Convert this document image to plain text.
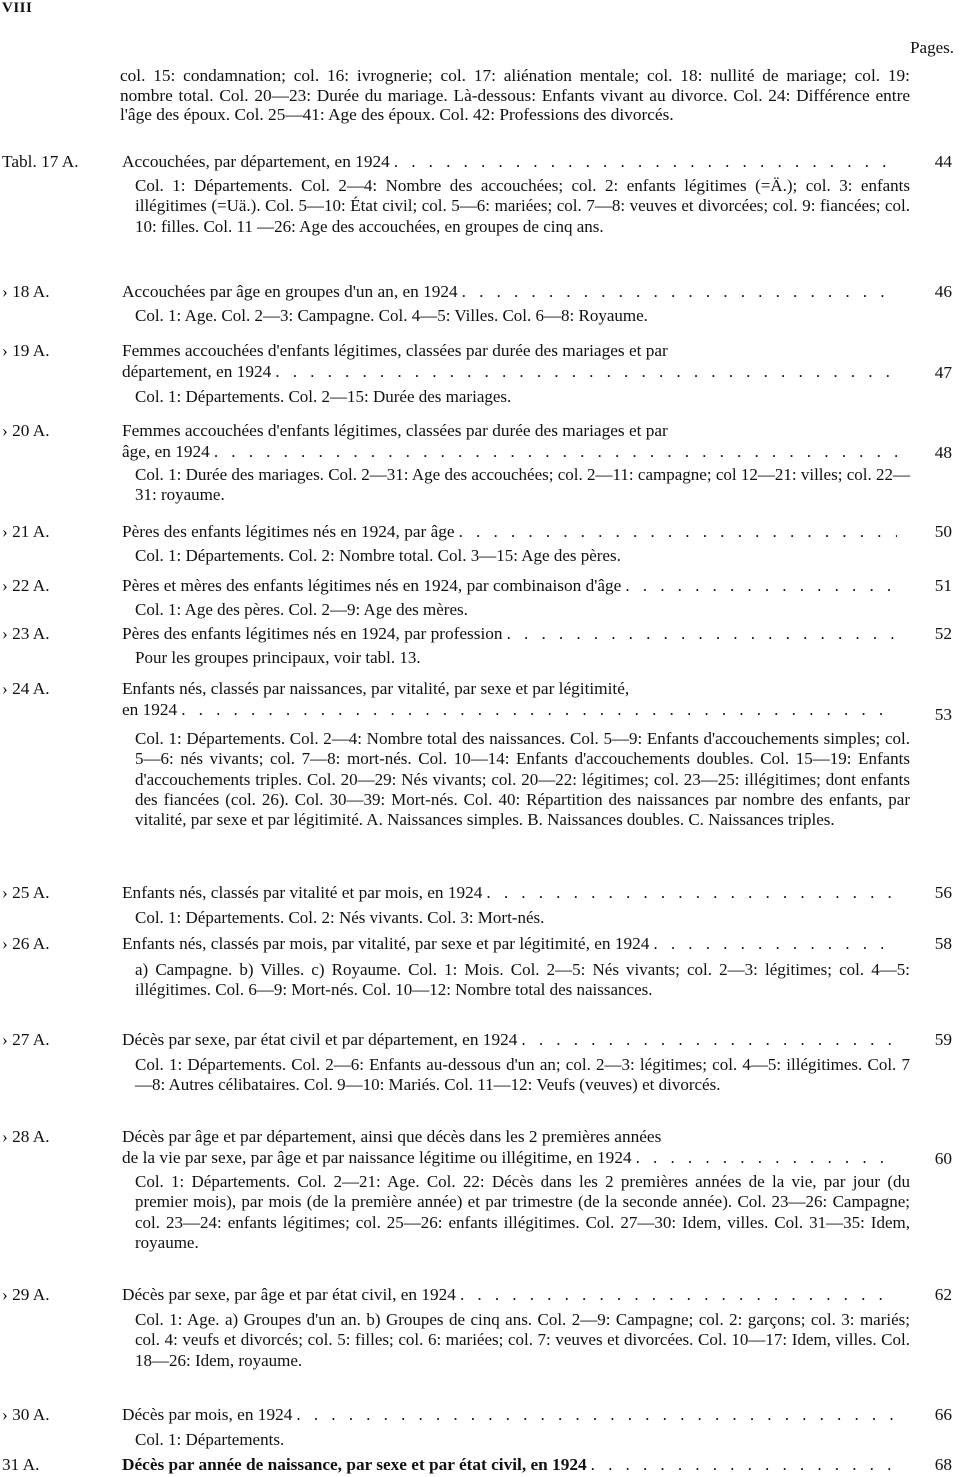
VIII
Pages.
col. 15: condamnation; col. 16: ivrognerie; col. 17: aliénation mentale; col. 18: nullité de mariage; col. 19: nombre total. Col. 20—23: Durée du mariage. Là-dessous: Enfants vivant au divorce. Col. 24: Différence entre l'âge des époux. Col. 25—41: Age des époux. Col. 42: Professions des divorcés.
Tabl. 17 A.	Accouchées, par département, en 1924 . . .	44
Col. 1: Départements. Col. 2—4: Nombre des accouchées; col. 2: enfants légitimes (=Ä.); col. 3: enfants illégitimes (=Uä.). Col. 5—10: État civil; col. 5—6: mariées; col. 7—8: veuves et divorcées; col. 9: fiancées; col. 10: filles. Col. 11 —26: Age des accouchées, en groupes de cinq ans.
› 18 A.	Accouchées par âge en groupes d'un an, en 1924 . . .	46
Col. 1: Age. Col. 2—3: Campagne. Col. 4—5: Villes. Col. 6—8: Royaume.
› 19 A.	Femmes accouchées d'enfants légitimes, classées par durée des mariages et par
département, en 1924 . . .	47
Col. 1: Départements. Col. 2—15: Durée des mariages.
› 20 A.	Femmes accouchées d'enfants légitimes, classées par durée des mariages et par
âge, en 1924 . . .	48
Col. 1: Durée des mariages. Col. 2—31: Age des accouchées; col. 2—11: campagne; col 12—21: villes; col. 22—31: royaume.
› 21 A.	Pères des enfants légitimes nés en 1924, par âge . . .	50
Col. 1: Départements. Col. 2: Nombre total. Col. 3—15: Age des pères.
› 22 A.	Pères et mères des enfants légitimes nés en 1924, par combinaison d'âge . . .	51
Col. 1: Age des pères. Col. 2—9: Age des mères.
› 23 A.	Pères des enfants légitimes nés en 1924, par profession . . .	52
Pour les groupes principaux, voir tabl. 13.
› 24 A.	Enfants nés, classés par naissances, par vitalité, par sexe et par légitimité,
en 1924 . . .	53
Col. 1: Départements. Col. 2—4: Nombre total des naissances. Col. 5—9: Enfants d'accouchements simples; col. 5—6: nés vivants; col. 7—8: mort-nés. Col. 10—14: Enfants d'accouchements doubles. Col. 15—19: Enfants d'accouchements triples. Col. 20—29: Nés vivants; col. 20—22: légitimes; col. 23—25: illégitimes; dont enfants des fiancées (col. 26). Col. 30—39: Mort-nés. Col. 40: Répartition des naissances par nombre des enfants, par vitalité, par sexe et par légitimité. A. Naissances simples. B. Naissances doubles. C. Naissances triples.
› 25 A.	Enfants nés, classés par vitalité et par mois, en 1924 . . .	56
Col. 1: Départements. Col. 2: Nés vivants. Col. 3: Mort-nés.
› 26 A.	Enfants nés, classés par mois, par vitalité, par sexe et par légitimité, en 1924 . . .	58
a) Campagne. b) Villes. c) Royaume. Col. 1: Mois. Col. 2—5: Nés vivants; col. 2—3: légitimes; col. 4—5: illégitimes. Col. 6—9: Mort-nés. Col. 10—12: Nombre total des naissances.
› 27 A.	Décès par sexe, par état civil et par département, en 1924 . . .	59
Col. 1: Départements. Col. 2—6: Enfants au-dessous d'un an; col. 2—3: légitimes; col. 4—5: illégitimes. Col. 7—8: Autres célibataires. Col. 9—10: Mariés. Col. 11—12: Veufs (veuves) et divorcés.
› 28 A.	Décès par âge et par département, ainsi que décès dans les 2 premières années
de la vie par sexe, par âge et par naissance légitime ou illégitime, en 1924 . . .	60
Col. 1: Départements. Col. 2—21: Age. Col. 22: Décès dans les 2 premières années de la vie, par jour (du premier mois), par mois (de la première année) et par trimestre (de la seconde année). Col. 23—26: Campagne; col. 23—24: enfants légitimes; col. 25—26: enfants illégitimes. Col. 27—30: Idem, villes. Col. 31—35: Idem, royaume.
› 29 A.	Décès par sexe, par âge et par état civil, en 1924 . . .	62
Col. 1: Age. a) Groupes d'un an. b) Groupes de cinq ans. Col. 2—9: Campagne; col. 2: garçons; col. 3: mariés; col. 4: veufs et divorcés; col. 5: filles; col. 6: mariées; col. 7: veuves et divorcées. Col. 10—17: Idem, villes. Col. 18—26: Idem, royaume.
› 30 A.	Décès par mois, en 1924 . . .	66
Col. 1: Départements.
31 A.	Décès par année de naissance, par sexe et par état civil, en 1924 . . .	68
